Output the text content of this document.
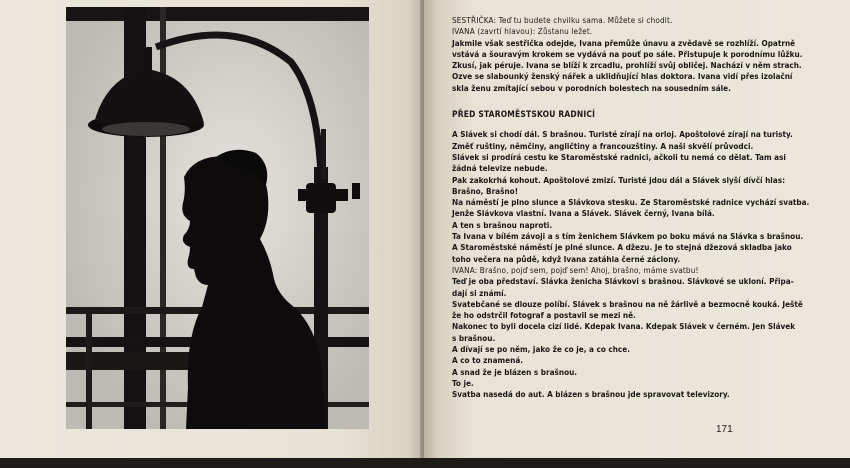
SESTŘIČKA: Teď tu budete chvilku sama. Můžete si chodit.

IVANA (zavrtí hlavou): Zůstanu ležet.

Jakmile však sestřička odejde, Ivana přemůže únavu a zvědavě se rozhlíží. Opatrně

vstává a šouravým krokem se vydává na pouť po sále. Přistupuje k porodnímu lůžku.

Zkusí, jak péruje. Ivana se blíží k zrcadlu, prohlíží svůj obličej. Nachází v něm strach.

Ozve se slabounký ženský nářek a uklidňující hlas doktora. Ivana vidí přes izolační

skla ženu zmítající sebou v porodních bolestech na sousedním sále.

PŘED STAROMĚSTSKOU RADNICÍ

A Slávek si chodí dál. S brašnou. Turisté zírají na orloj. Apoštolové zírají na turisty.

Změť ruštiny, němčiny, angličtiny a francouzštiny. A naši skvělí průvodci.

Slávek si prodírá cestu ke Staroměstské radnici, ačkoli tu nemá co dělat. Tam asi

žádná televize nebude.

Pak zakokrhá kohout. Apoštolové zmizí. Turisté jdou dál a Slávek slyší dívčí hlas:

Brašno, Brašno!

Na náměstí je plno slunce a Slávkova stesku. Ze Staroměstské radnice vychází svatba.

Jenže Slávkova vlastní. Ivana a Slávek. Slávek černý, Ivana bílá.

A ten s brašnou naproti.

Ta Ivana v bílém závoji a s tím ženichem Slávkem po boku mává na Slávka s brašnou.

A Staroměstské náměstí je plné slunce. A džezu. Je to stejná džezová skladba jako

toho večera na půdě, když Ivana zatáhla černé záclony.

IVANA: Brašno, pojď sem, pojď sem! Ahoj, brašno, máme svatbu!

Teď je oba představí. Slávka ženicha Slávkovi s brašnou. Slávkové se ukloní. Připa-

dají si známí.

Svatebčané se dlouze políbí. Slávek s brašnou na ně žárlivě a bezmocně kouká. Ještě

že ho odstrčil fotograf a postavil se mezi ně.

Nakonec to byli docela cizí lidé. Kdepak Ivana. Kdepak Slávek v černém. Jen Slávek

s brašnou.

A dívají se po něm, jako že co je, a co chce.

A co to znamená.

A snad že je blázen s brašnou.

To je.

Svatba nasedá do aut. A blázen s brašnou jde spravovat televizory.

171
